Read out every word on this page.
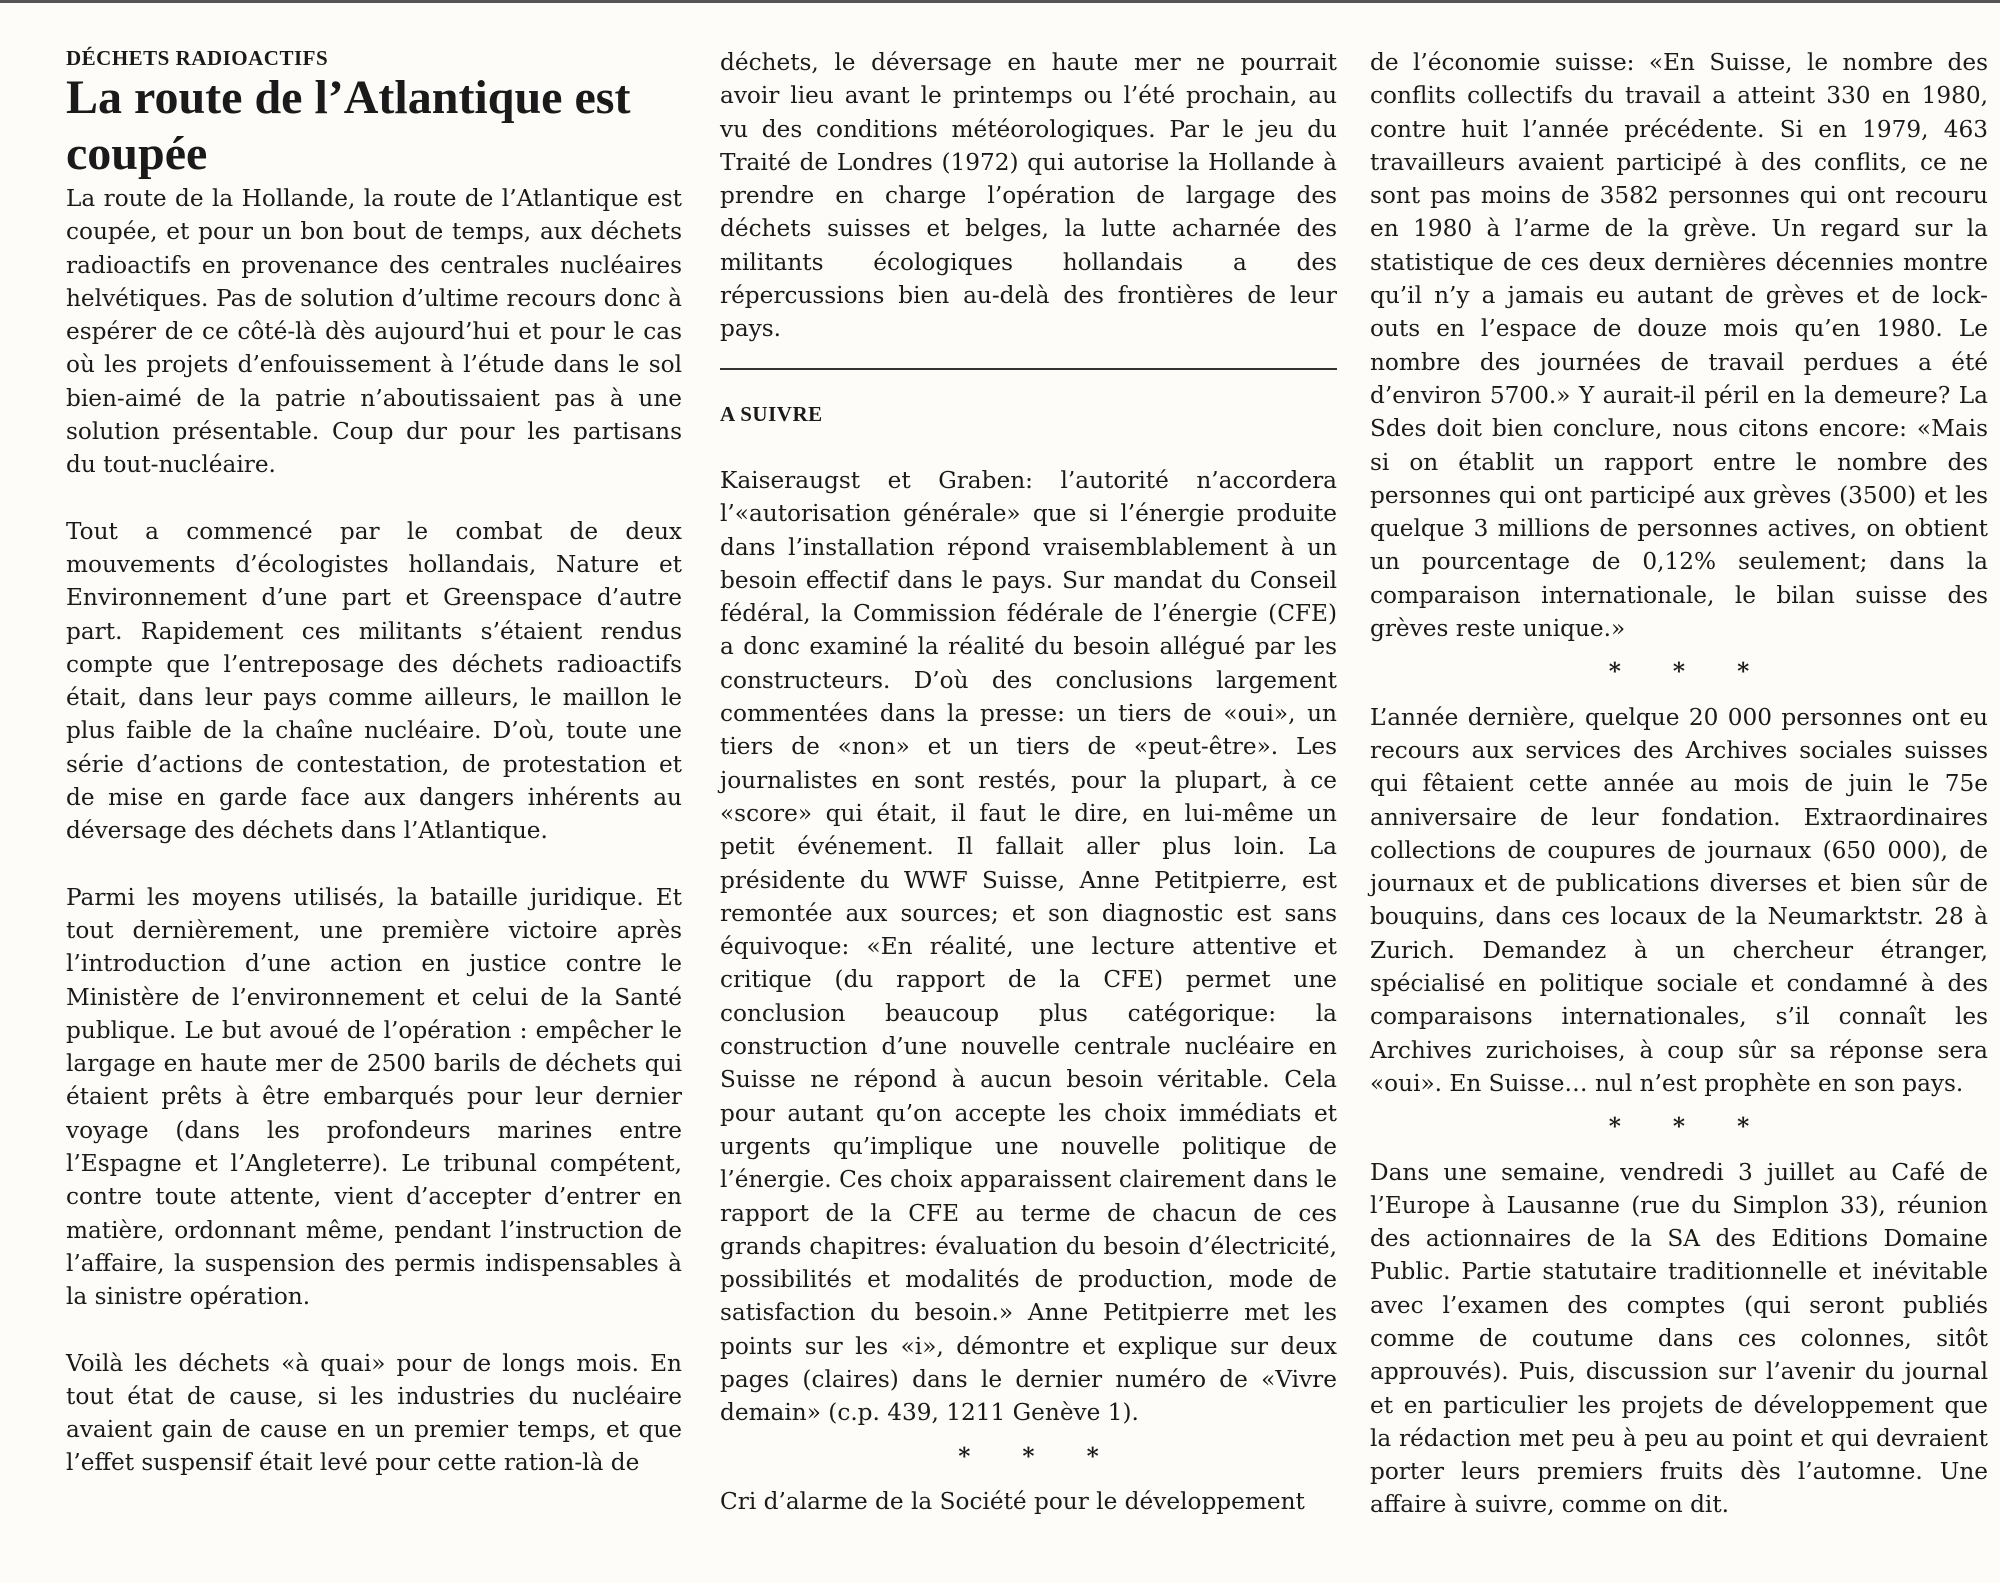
DÉCHETS RADIOACTIFS

La route de l’Atlantique est coupée

La route de la Hollande, la route de l’Atlantique est coupée, et pour un bon bout de temps, aux déchets radioactifs en provenance des centrales nucléaires helvétiques. Pas de solution d’ultime recours donc à espérer de ce côté-là dès aujourd’hui et pour le cas où les projets d’enfouissement à l’étude dans le sol bien-aimé de la patrie n’aboutissaient pas à une solution présentable. Coup dur pour les partisans du tout-nucléaire.

Tout a commencé par le combat de deux mouvements d’écologistes hollandais, Nature et Environnement d’une part et Greenspace d’autre part. Rapidement ces militants s’étaient rendus compte que l’entreposage des déchets radioactifs était, dans leur pays comme ailleurs, le maillon le plus faible de la chaîne nucléaire. D’où, toute une série d’actions de contestation, de protestation et de mise en garde face aux dangers inhérents au déversage des déchets dans l’Atlantique.

Parmi les moyens utilisés, la bataille juridique. Et tout dernièrement, une première victoire après l’introduction d’une action en justice contre le Ministère de l’environnement et celui de la Santé publique. Le but avoué de l’opération : empêcher le largage en haute mer de 2500 barils de déchets qui étaient prêts à être embarqués pour leur dernier voyage (dans les profondeurs marines entre l’Espagne et l’Angleterre). Le tribunal compétent, contre toute attente, vient d’accepter d’entrer en matière, ordonnant même, pendant l’instruction de l’affaire, la suspension des permis indispensables à la sinistre opération.

Voilà les déchets «à quai» pour de longs mois. En tout état de cause, si les industries du nucléaire avaient gain de cause en un premier temps, et que l’effet suspensif était levé pour cette ration-là de

déchets, le déversage en haute mer ne pourrait avoir lieu avant le printemps ou l’été prochain, au vu des conditions météorologiques. Par le jeu du Traité de Londres (1972) qui autorise la Hollande à prendre en charge l’opération de largage des déchets suisses et belges, la lutte acharnée des militants écologiques hollandais a des répercussions bien au-delà des frontières de leur pays.

A SUIVRE

Kaiseraugst et Graben: l’autorité n’accordera l’«autorisation générale» que si l’énergie produite dans l’installation répond vraisemblablement à un besoin effectif dans le pays. Sur mandat du Conseil fédéral, la Commission fédérale de l’énergie (CFE) a donc examiné la réalité du besoin allégué par les constructeurs. D’où des conclusions largement commentées dans la presse: un tiers de «oui», un tiers de «non» et un tiers de «peut-être». Les journalistes en sont restés, pour la plupart, à ce «score» qui était, il faut le dire, en lui-même un petit événement. Il fallait aller plus loin. La présidente du WWF Suisse, Anne Petitpierre, est remontée aux sources; et son diagnostic est sans équivoque: «En réalité, une lecture attentive et critique (du rapport de la CFE) permet une conclusion beaucoup plus catégorique: la construction d’une nouvelle centrale nucléaire en Suisse ne répond à aucun besoin véritable. Cela pour autant qu’on accepte les choix immédiats et urgents qu’implique une nouvelle politique de l’énergie. Ces choix apparaissent clairement dans le rapport de la CFE au terme de chacun de ces grands chapitres: évaluation du besoin d’électricité, possibilités et modalités de production, mode de satisfaction du besoin.» Anne Petitpierre met les points sur les «i», démontre et explique sur deux pages (claires) dans le dernier numéro de «Vivre demain» (c.p. 439, 1211 Genève 1).

* * *

Cri d’alarme de la Société pour le développement

de l’économie suisse: «En Suisse, le nombre des conflits collectifs du travail a atteint 330 en 1980, contre huit l’année précédente. Si en 1979, 463 travailleurs avaient participé à des conflits, ce ne sont pas moins de 3582 personnes qui ont recouru en 1980 à l’arme de la grève. Un regard sur la statistique de ces deux dernières décennies montre qu’il n’y a jamais eu autant de grèves et de lock-outs en l’espace de douze mois qu’en 1980. Le nombre des journées de travail perdues a été d’environ 5700.» Y aurait-il péril en la demeure? La Sdes doit bien conclure, nous citons encore: «Mais si on établit un rapport entre le nombre des personnes qui ont participé aux grèves (3500) et les quelque 3 millions de personnes actives, on obtient un pourcentage de 0,12% seulement; dans la comparaison internationale, le bilan suisse des grèves reste unique.»

* * *

L’année dernière, quelque 20 000 personnes ont eu recours aux services des Archives sociales suisses qui fêtaient cette année au mois de juin le 75e anniversaire de leur fondation. Extraordinaires collections de coupures de journaux (650 000), de journaux et de publications diverses et bien sûr de bouquins, dans ces locaux de la Neumarktstr. 28 à Zurich. Demandez à un chercheur étranger, spécialisé en politique sociale et condamné à des comparaisons internationales, s’il connaît les Archives zurichoises, à coup sûr sa réponse sera «oui». En Suisse… nul n’est prophète en son pays.

* * *

Dans une semaine, vendredi 3 juillet au Café de l’Europe à Lausanne (rue du Simplon 33), réunion des actionnaires de la SA des Editions Domaine Public. Partie statutaire traditionnelle et inévitable avec l’examen des comptes (qui seront publiés comme de coutume dans ces colonnes, sitôt approuvés). Puis, discussion sur l’avenir du journal et en particulier les projets de développement que la rédaction met peu à peu au point et qui devraient porter leurs premiers fruits dès l’automne. Une affaire à suivre, comme on dit.
